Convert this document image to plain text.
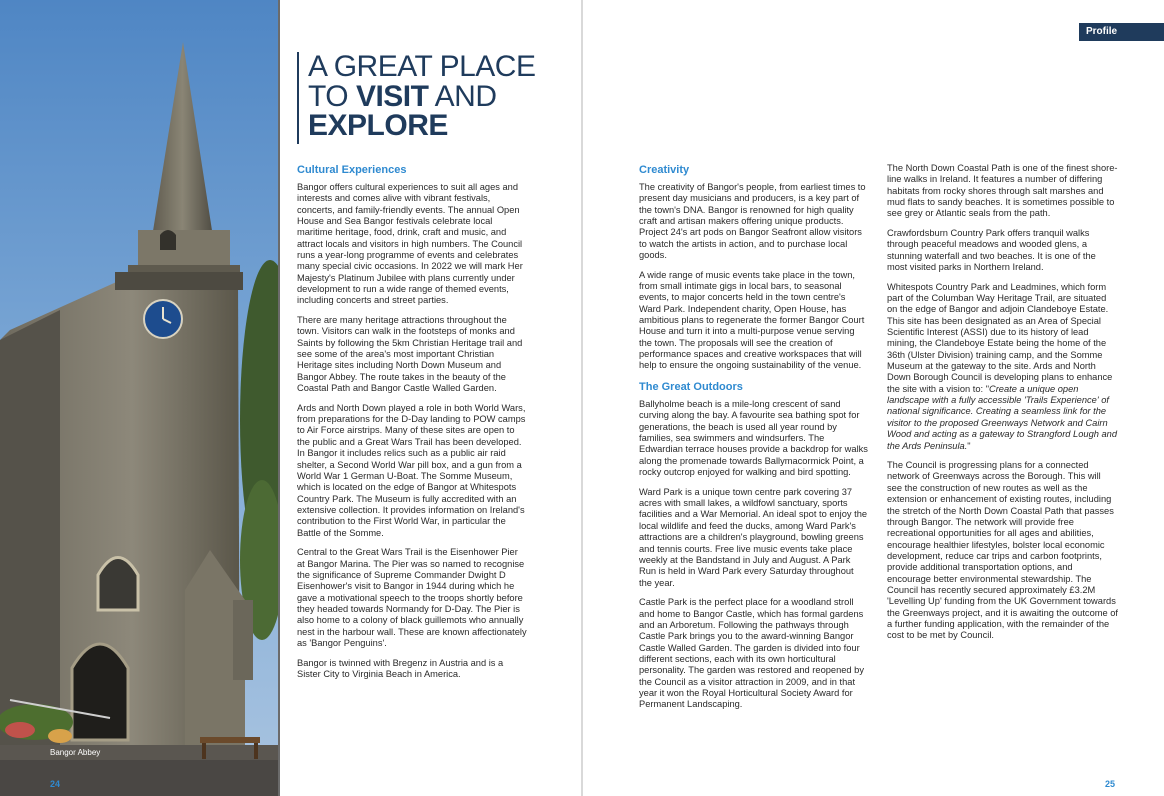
Bangor Abbey
24
A GREAT PLACE
TO VISIT AND
EXPLORE
Cultural Experiences

Bangor offers cultural experiences to suit all ages and interests and comes alive with vibrant festivals, concerts, and family-friendly events. The annual Open House and Sea Bangor festivals celebrate local maritime heritage, food, drink, craft and music, and attract locals and visitors in high numbers. The Council runs a year-long programme of events and celebrates many special civic occasions. In 2022 we will mark Her Majesty's Platinum Jubilee with plans currently under development to run a wide range of themed events, including concerts and street parties.

There are many heritage attractions throughout the town. Visitors can walk in the footsteps of monks and Saints by following the 5km Christian Heritage trail and see some of the area's most important Christian Heritage sites including North Down Museum and Bangor Abbey. The route takes in the beauty of the Coastal Path and Bangor Castle Walled Garden.

Ards and North Down played a role in both World Wars, from preparations for the D-Day landing to POW camps to Air Force airstrips. Many of these sites are open to the public and a Great Wars Trail has been developed. In Bangor it includes relics such as a public air raid shelter, a Second World War pill box, and a gun from a World War 1 German U-Boat. The Somme Museum, which is located on the edge of Bangor at Whitespots Country Park. The Museum is fully accredited with an extensive collection. It provides information on Ireland's contribution to the First World War, in particular the Battle of the Somme.

Central to the Great Wars Trail is the Eisenhower Pier at Bangor Marina. The Pier was so named to recognise the significance of Supreme Commander Dwight D Eisenhower's visit to Bangor in 1944 during which he gave a motivational speech to the troops shortly before they headed towards Normandy for D-Day. The Pier is also home to a colony of black guillemots who annually nest in the harbour wall. These are known affectionately as 'Bangor Penguins'.

Bangor is twinned with Bregenz in Austria and is a Sister City to Virginia Beach in America.

Profile
Creativity

The creativity of Bangor's people, from earliest times to present day musicians and producers, is a key part of the town's DNA. Bangor is renowned for high quality craft and artisan makers offering unique products. Project 24's art pods on Bangor Seafront allow visitors to watch the artists in action, and to purchase local goods.

A wide range of music events take place in the town, from small intimate gigs in local bars, to seasonal events, to major concerts held in the town centre's Ward Park. Independent charity, Open House, has ambitious plans to regenerate the former Bangor Court House and turn it into a multi-purpose venue serving the town. The proposals will see the creation of performance spaces and creative workspaces that will help to ensure the ongoing sustainability of the venue.

The Great Outdoors

Ballyholme beach is a mile-long crescent of sand curving along the bay. A favourite sea bathing spot for generations, the beach is used all year round by families, sea swimmers and windsurfers. The Edwardian terrace houses provide a backdrop for walks along the promenade towards Ballymacormick Point, a rocky outcrop enjoyed for walking and bird spotting.

Ward Park is a unique town centre park covering 37 acres with small lakes, a wildfowl sanctuary, sports facilities and a War Memorial. An ideal spot to enjoy the local wildlife and feed the ducks, among Ward Park's attractions are a children's playground, bowling greens and tennis courts. Free live music events take place weekly at the Bandstand in July and August. A Park Run is held in Ward Park every Saturday throughout the year.

Castle Park is the perfect place for a woodland stroll and home to Bangor Castle, which has formal gardens and an Arboretum. Following the pathways through Castle Park brings you to the award-winning Bangor Castle Walled Garden. The garden is divided into four different sections, each with its own horticultural personality. The garden was restored and reopened by the Council as a visitor attraction in 2009, and in that year it won the Royal Horticultural Society Award for Permanent Landscaping.

The North Down Coastal Path is one of the finest shore-line walks in Ireland. It features a number of differing habitats from rocky shores through salt marshes and mud flats to sandy beaches. It is sometimes possible to see grey or Atlantic seals from the path.

Crawfordsburn Country Park offers tranquil walks through peaceful meadows and wooded glens, a stunning waterfall and two beaches. It is one of the most visited parks in Northern Ireland.

Whitespots Country Park and Leadmines, which form part of the Columban Way Heritage Trail, are situated on the edge of Bangor and adjoin Clandeboye Estate. This site has been designated as an Area of Special Scientific Interest (ASSI) due to its history of lead mining, the Clandeboye Estate being the home of the 36th (Ulster Division) training camp, and the Somme Museum at the gateway to the site. Ards and North Down Borough Council is developing plans to enhance the site with a vision to: "Create a unique open landscape with a fully accessible 'Trails Experience' of national significance. Creating a seamless link for the visitor to the proposed Greenways Network and Cairn Wood and acting as a gateway to Strangford Lough and the Ards Peninsula."

The Council is progressing plans for a connected network of Greenways across the Borough. This will see the construction of new routes as well as the extension or enhancement of existing routes, including the stretch of the North Down Coastal Path that passes through Bangor. The network will provide free recreational opportunities for all ages and abilities, encourage healthier lifestyles, bolster local economic development, reduce car trips and carbon footprints, provide additional transportation options, and encourage better environmental stewardship. The Council has recently secured approximately £3.2M 'Levelling Up' funding from the UK Government towards the Greenways project, and it is awaiting the outcome of a further funding application, with the remainder of the cost to be met by Council.

25
